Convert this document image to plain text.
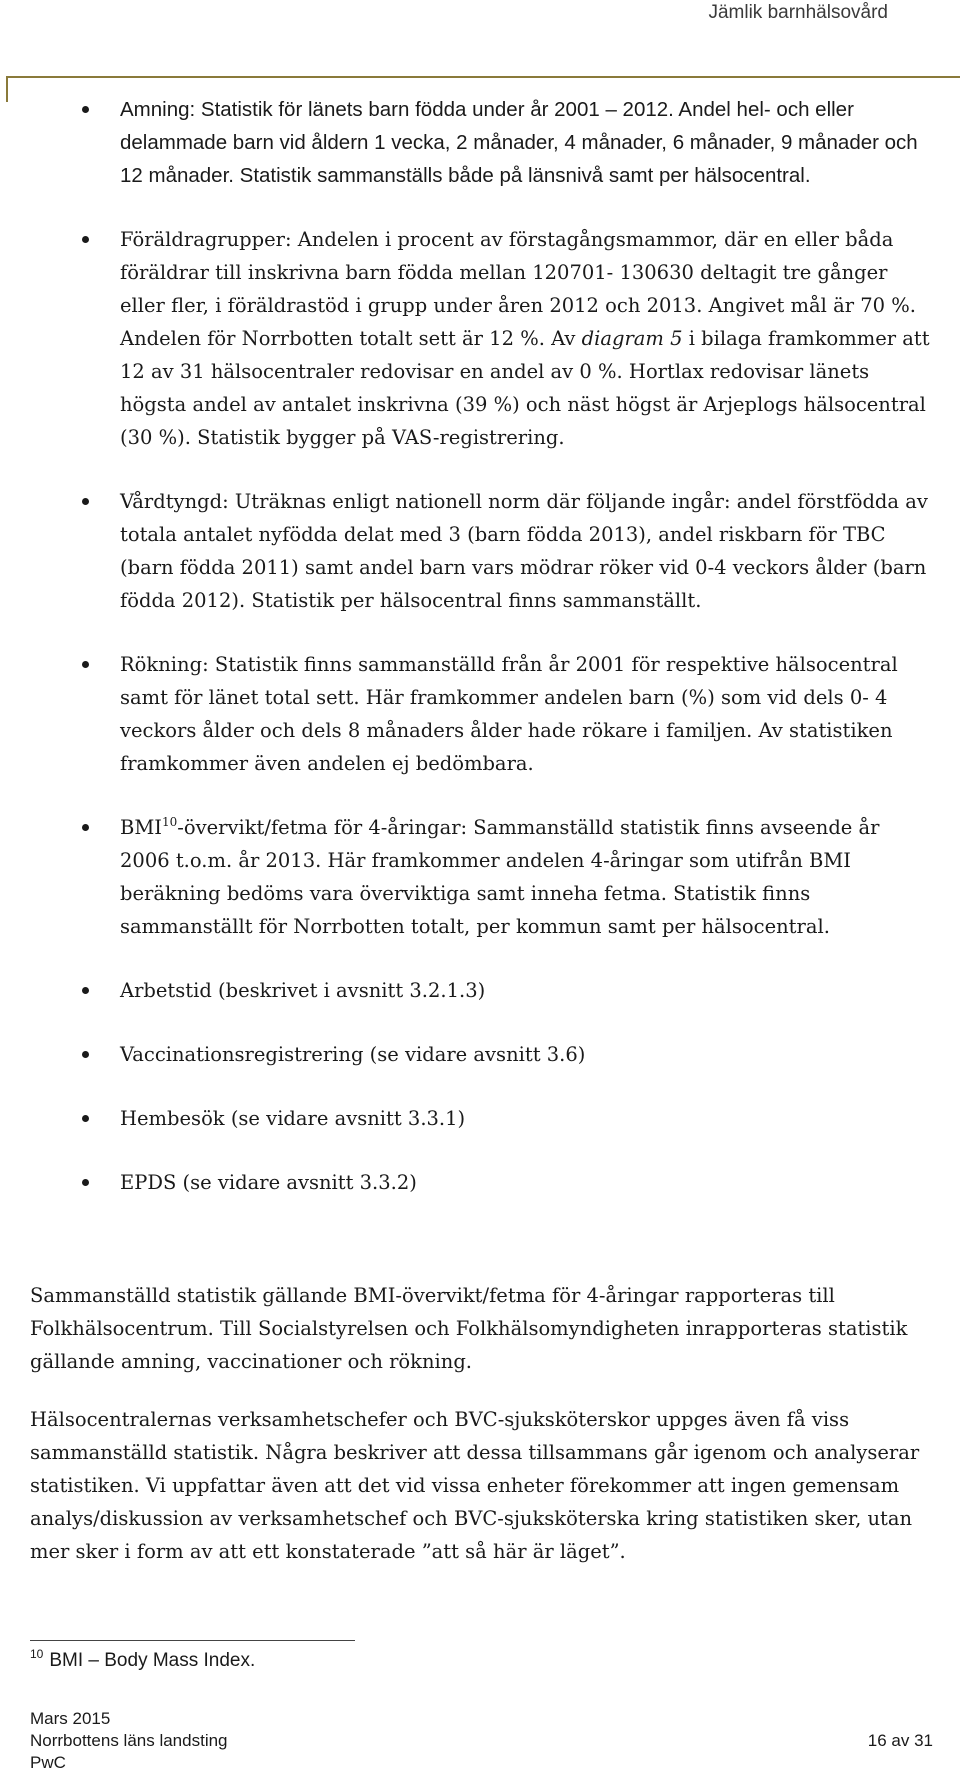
Jämlik barnhälsovård
Amning: Statistik för länets barn födda under år 2001 – 2012. Andel hel- och eller delammade barn vid åldern 1 vecka, 2 månader, 4 månader, 6 månader, 9 månader och 12 månader. Statistik sammanställs både på länsnivå samt per hälsocentral.
Föräldragrupper: Andelen i procent av förstagångsmammor, där en eller båda föräldrar till inskrivna barn födda mellan 120701- 130630 deltagit tre gånger eller fler, i föräldrastöd i grupp under åren 2012 och 2013. Angivet mål är 70 %. Andelen för Norrbotten totalt sett är 12 %. Av diagram 5 i bilaga framkommer att 12 av 31 hälsocentraler redovisar en andel av 0 %. Hortlax redovisar länets högsta andel av antalet inskrivna (39 %) och näst högst är Arjeplogs hälsocentral (30 %). Statistik bygger på VAS-registrering.
Vårdtyngd: Uträknas enligt nationell norm där följande ingår: andel förstfödda av totala antalet nyfödda delat med 3 (barn födda 2013), andel riskbarn för TBC (barn födda 2011) samt andel barn vars mödrar röker vid 0-4 veckors ålder (barn födda 2012). Statistik per hälsocentral finns sammanställt.
Rökning: Statistik finns sammanställd från år 2001 för respektive hälsocentral samt för länet total sett. Här framkommer andelen barn (%) som vid dels 0- 4 veckors ålder och dels 8 månaders ålder hade rökare i familjen. Av statistiken framkommer även andelen ej bedömbara.
BMI$^{10}$-övervikt/fetma för 4-åringar: Sammanställd statistik finns avseende år 2006 t.o.m. år 2013. Här framkommer andelen 4-åringar som utifrån BMI beräkning bedöms vara överviktiga samt inneha fetma. Statistik finns sammanställt för Norrbotten totalt, per kommun samt per hälsocentral.
Arbetstid (beskrivet i avsnitt 3.2.1.3)
Vaccinationsregistrering (se vidare avsnitt 3.6)
Hembesök (se vidare avsnitt 3.3.1)
EPDS (se vidare avsnitt 3.3.2)

Sammanställd statistik gällande BMI-övervikt/fetma för 4-åringar rapporteras till Folkhälsocentrum. Till Socialstyrelsen och Folkhälsomyndigheten inrapporteras statistik gällande amning, vaccinationer och rökning.

Hälsocentralernas verksamhetschefer och BVC-sjuksköterskor uppges även få viss sammanställd statistik. Några beskriver att dessa tillsammans går igenom och analyserar statistiken. Vi uppfattar även att det vid vissa enheter förekommer att ingen gemensam analys/diskussion av verksamhetschef och BVC-sjuksköterska kring statistiken sker, utan mer sker i form av att ett konstaterade ”att så här är läget”.

$^{10}$ BMI – Body Mass Index.
Mars 2015
Norrbottens läns landsting	16 av 31
PwC
